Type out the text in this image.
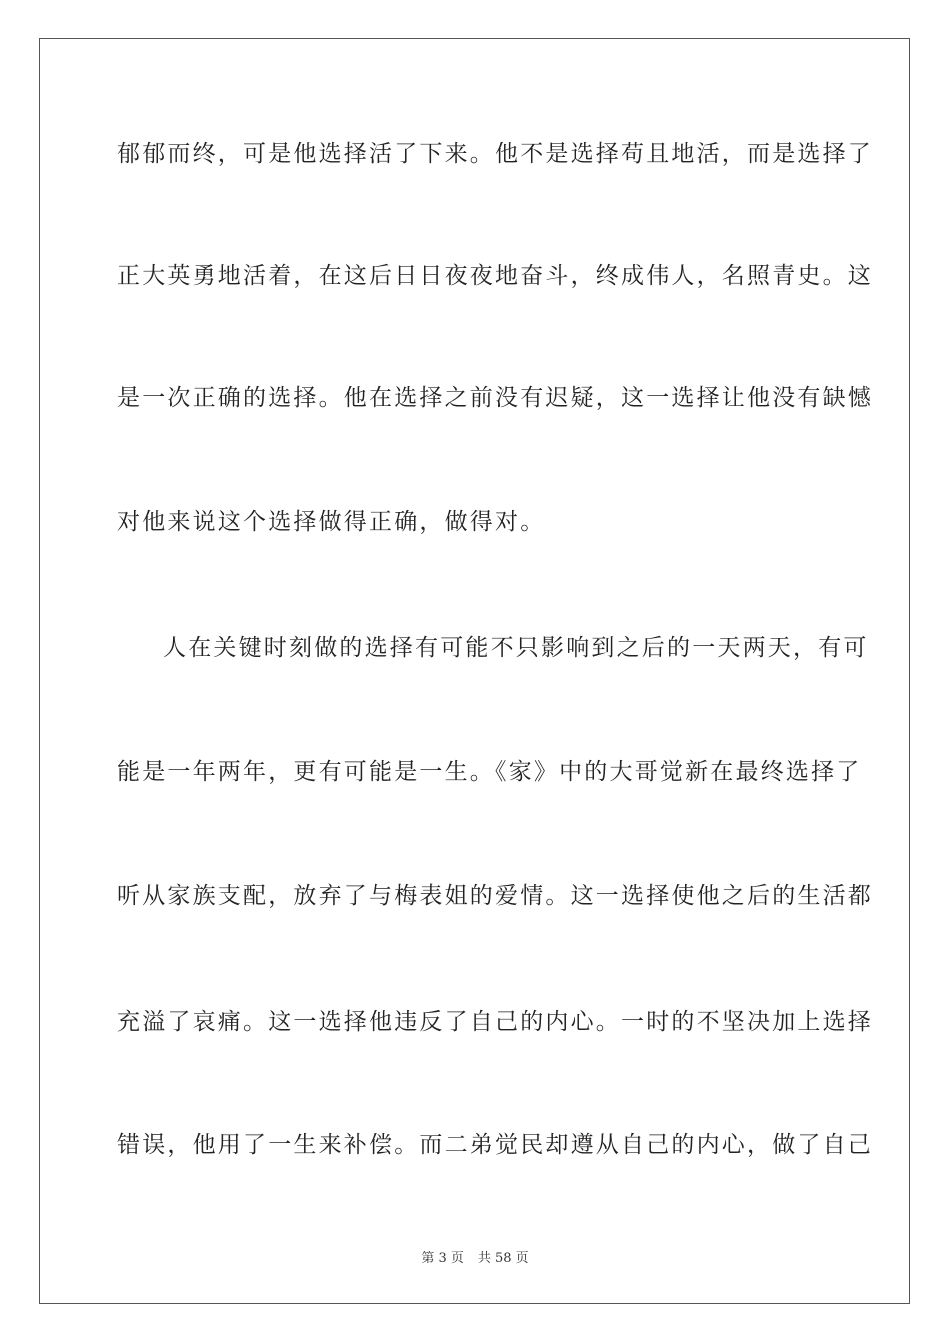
郁郁而终，可是他选择活了下来。他不是选择苟且地活，而是选择了
正大英勇地活着，在这后日日夜夜地奋斗，终成伟人，名照青史。这
是一次正确的选择。他在选择之前没有迟疑，这一选择让他没有缺憾
对他来说这个选择做得正确，做得对。
人在关键时刻做的选择有可能不只影响到之后的一天两天，有可
能是一年两年，更有可能是一生。《家》中的大哥觉新在最终选择了
听从家族支配，放弃了与梅表姐的爱情。这一选择使他之后的生活都
充溢了哀痛。这一选择他违反了自己的内心。一时的不坚决加上选择
错误，他用了一生来补偿。而二弟觉民却遵从自己的内心，做了自己
第 3 页 共 58 页
